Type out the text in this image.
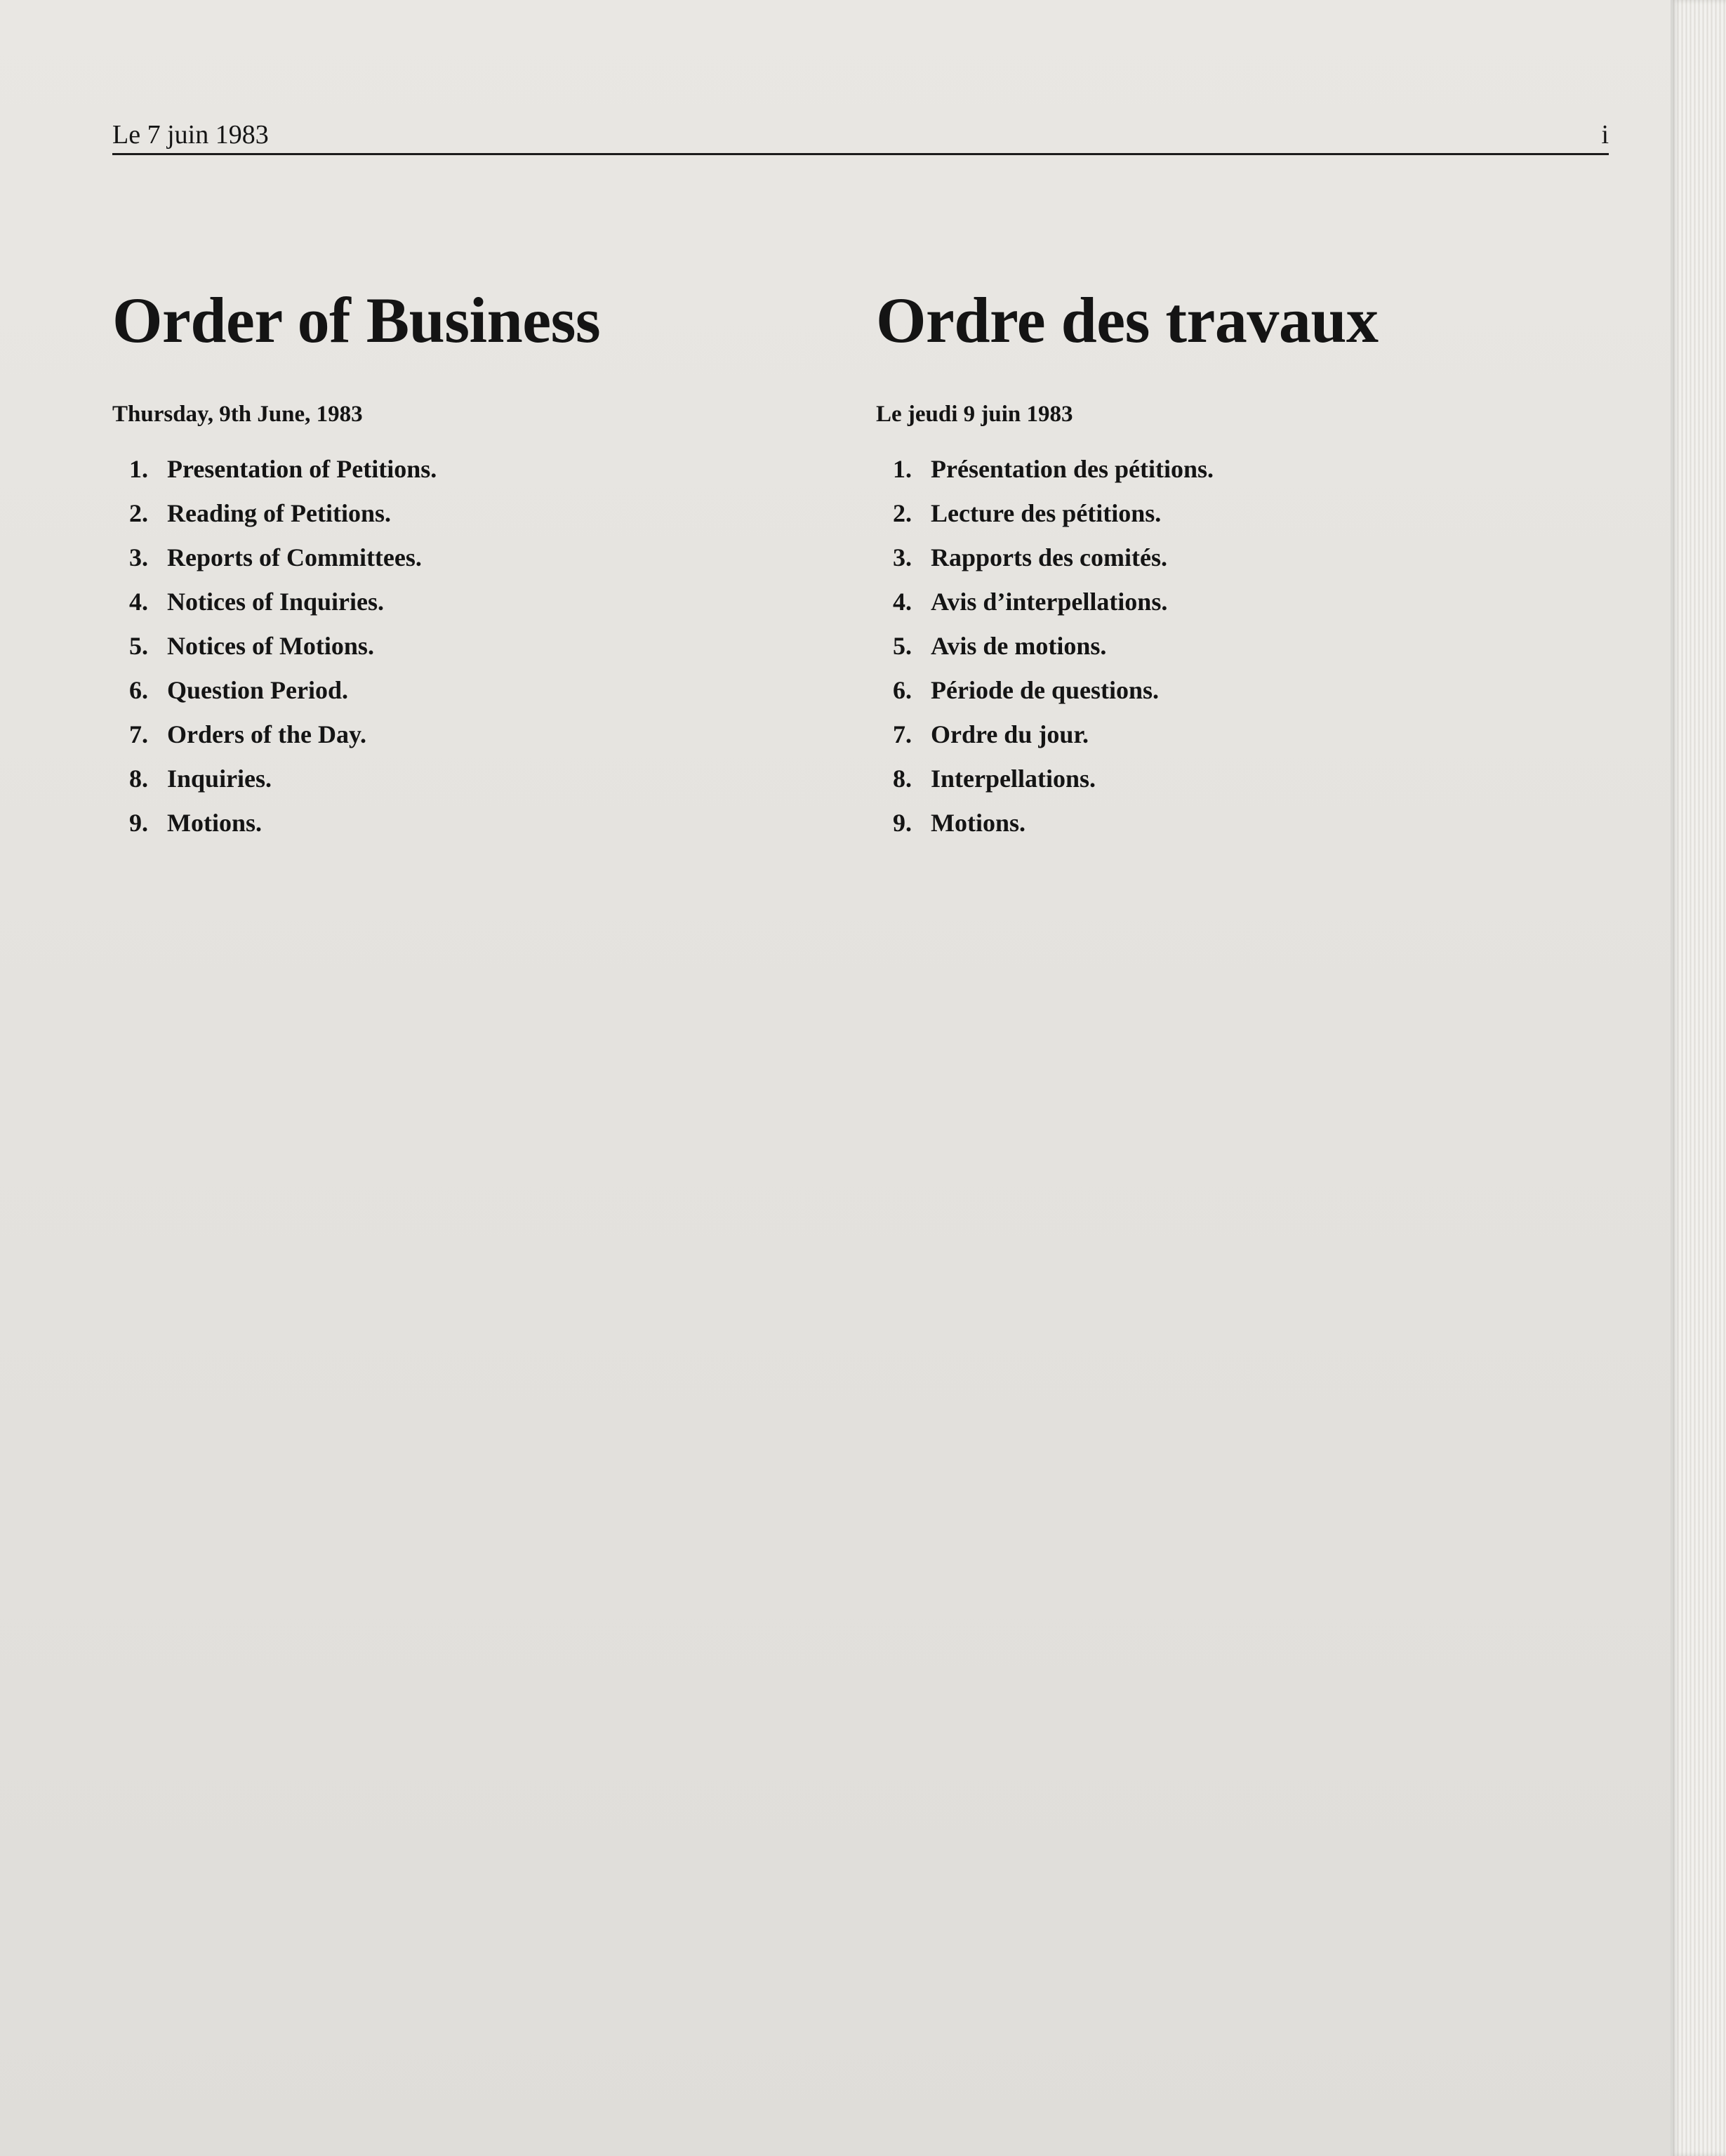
Le 7 juin 1983	i
Order of Business
Thursday, 9th June, 1983
1. Presentation of Petitions.
2. Reading of Petitions.
3. Reports of Committees.
4. Notices of Inquiries.
5. Notices of Motions.
6. Question Period.
7. Orders of the Day.
8. Inquiries.
9. Motions.
Ordre des travaux
Le jeudi 9 juin 1983
1. Présentation des pétitions.
2. Lecture des pétitions.
3. Rapports des comités.
4. Avis d’interpellations.
5. Avis de motions.
6. Période de questions.
7. Ordre du jour.
8. Interpellations.
9. Motions.
